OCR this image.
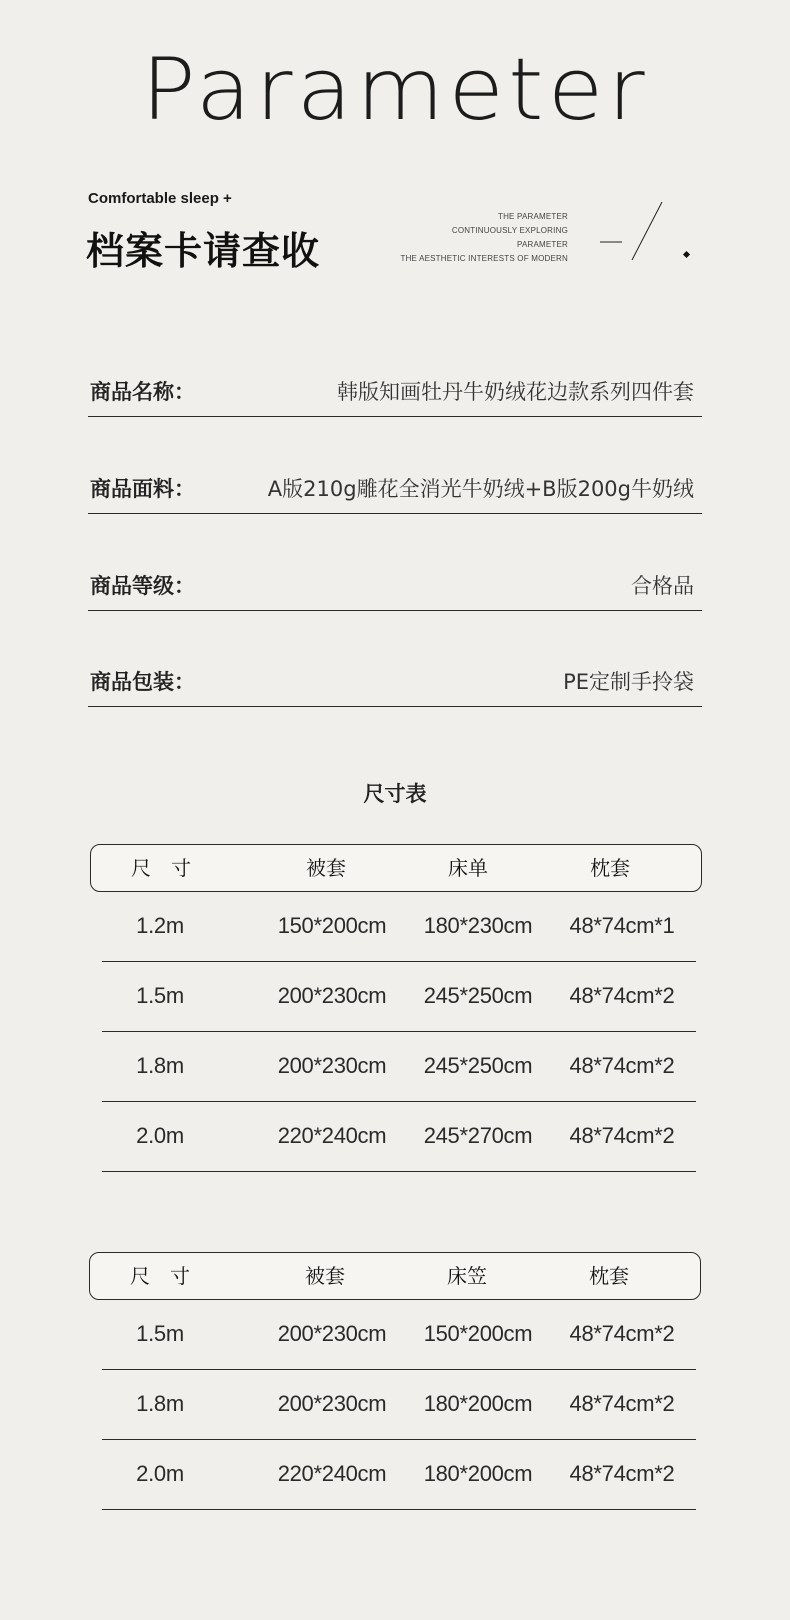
Parameter
Comfortable sleep +
档案卡请查收
THE PARAMETER
CONTINUOUSLY EXPLORING
PARAMETER
THE AESTHETIC INTERESTS OF MODERN
商品名称：	韩版知画牡丹牛奶绒花边款系列四件套
商品面料：	A版210g雕花全消光牛奶绒+B版200g牛奶绒
商品等级：	合格品
商品包装：	PE定制手拎袋
尺寸表
尺　寸	被套	床单	枕套
1.2m	150*200cm	180*230cm	48*74cm*1
1.5m	200*230cm	245*250cm	48*74cm*2
1.8m	200*230cm	245*250cm	48*74cm*2
2.0m	220*240cm	245*270cm	48*74cm*2
尺　寸	被套	床笠	枕套
1.5m	200*230cm	150*200cm	48*74cm*2
1.8m	200*230cm	180*200cm	48*74cm*2
2.0m	220*240cm	180*200cm	48*74cm*2
